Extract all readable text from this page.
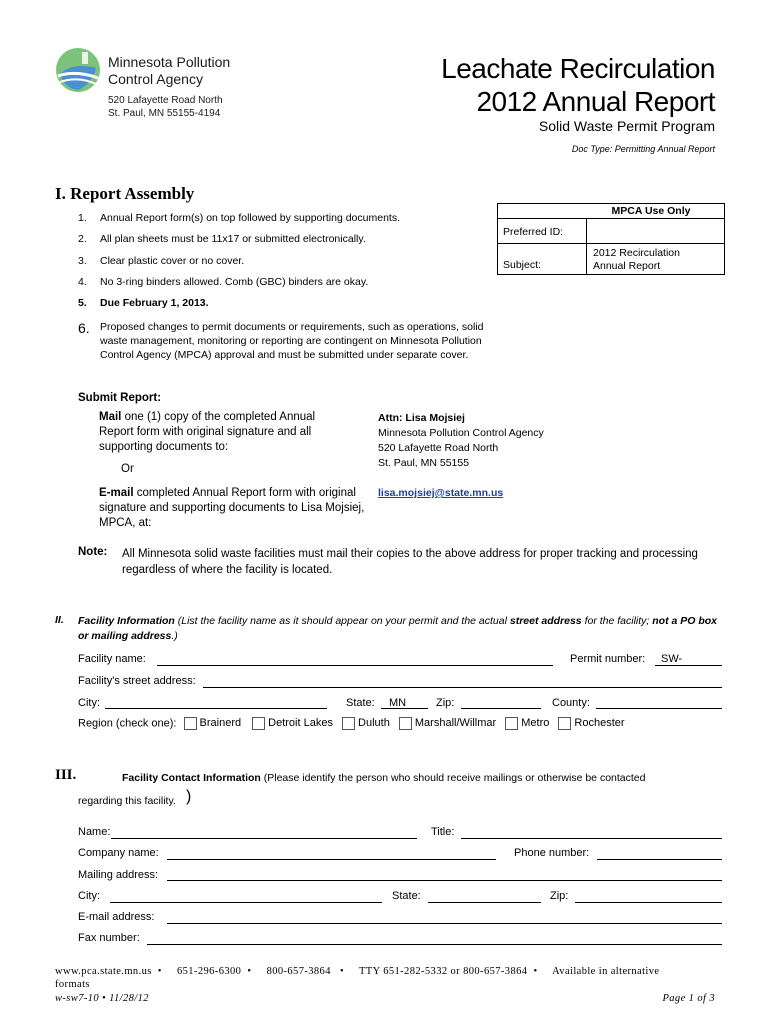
Minnesota Pollution
Control Agency
520 Lafayette Road North
St. Paul, MN 55155-4194
Leachate Recirculation
2012 Annual Report
Solid Waste Permit Program
Doc Type: Permitting Annual Report
I. Report Assembly
1. Annual Report form(s) on top followed by supporting documents.
2. All plan sheets must be 11x17 or submitted electronically.
3. Clear plastic cover or no cover.
4. No 3-ring binders allowed. Comb (GBC) binders are okay.
5. Due February 1, 2013.
6. Proposed changes to permit documents or requirements, such as operations, solid waste management, monitoring or reporting are contingent on Minnesota Pollution Control Agency (MPCA) approval and must be submitted under separate cover.
MPCA Use Only
Preferred ID:
Subject:
2012 Recirculation
Annual Report
Submit Report:
Mail one (1) copy of the completed Annual Report form with original signature and all supporting documents to:
Or
E-mail completed Annual Report form with original signature and supporting documents to Lisa Mojsiej, MPCA, at:
Attn: Lisa Mojsiej
Minnesota Pollution Control Agency
520 Lafayette Road North
St. Paul, MN 55155
lisa.mojsiej@state.mn.us
Note: All Minnesota solid waste facilities must mail their copies to the above address for proper tracking and processing regardless of where the facility is located.
II. Facility Information (List the facility name as it should appear on your permit and the actual street address for the facility; not a PO box or mailing address.)
Facility name:	Permit number: SW-
Facility's street address:
City:	State: MN	Zip:	County:
Region (check one): Brainerd Detroit Lakes Duluth Marshall/Willmar Metro Rochester
III.	Facility Contact Information (Please identify the person who should receive mailings or otherwise be contacted
regarding this facility. )
Name:	Title:
Company name:	Phone number:
Mailing address:
City:	State:	Zip:
E-mail address:
Fax number:
www.pca.state.mn.us  •     651-296-6300  •     800-657-3864   •     TTY 651-282-5332 or 800-657-3864  •     Available in alternative
formats
w-sw7-10 • 11/28/12	Page 1 of 3
